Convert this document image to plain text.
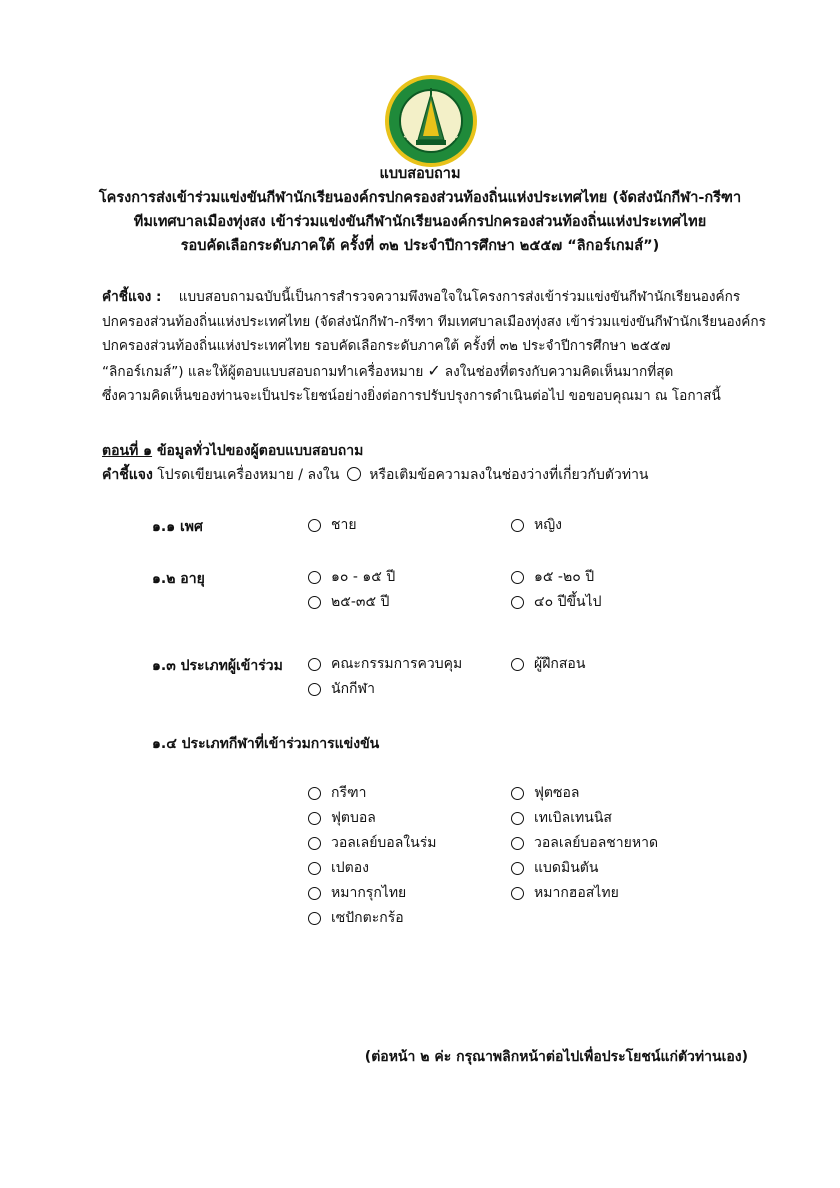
แบบสอบถาม
โครงการส่งเข้าร่วมแข่งขันกีฬานักเรียนองค์กรปกครองส่วนท้องถิ่นแห่งประเทศไทย (จัดส่งนักกีฬา-กรีฑา
ทีมเทศบาลเมืองทุ่งสง เข้าร่วมแข่งขันกีฬานักเรียนองค์กรปกครองส่วนท้องถิ่นแห่งประเทศไทย
รอบคัดเลือกระดับภาคใต้ ครั้งที่ ๓๒ ประจำปีการศึกษา ๒๕๕๗ “ลิกอร์เกมส์”)
คำชี้แจง : แบบสอบถามฉบับนี้เป็นการสำรวจความพึงพอใจในโครงการส่งเข้าร่วมแข่งขันกีฬานักเรียนองค์กร
ปกครองส่วนท้องถิ่นแห่งประเทศไทย (จัดส่งนักกีฬา-กรีฑา ทีมเทศบาลเมืองทุ่งสง เข้าร่วมแข่งขันกีฬานักเรียนองค์กร
ปกครองส่วนท้องถิ่นแห่งประเทศไทย รอบคัดเลือกระดับภาคใต้ ครั้งที่ ๓๒ ประจำปีการศึกษา ๒๕๕๗
“ลิกอร์เกมส์”) และให้ผู้ตอบแบบสอบถามทำเครื่องหมาย ✓ ลงในช่องที่ตรงกับความคิดเห็นมากที่สุด
ซึ่งความคิดเห็นของท่านจะเป็นประโยชน์อย่างยิ่งต่อการปรับปรุงการดำเนินต่อไป ขอขอบคุณมา ณ โอกาสนี้
ตอนที่ ๑ ข้อมูลทั่วไปของผู้ตอบแบบสอบถาม
คำชี้แจง โปรดเขียนเครื่องหมาย / ลงใน หรือเติมข้อความลงในช่องว่างที่เกี่ยวกับตัวท่าน
๑.๑ เพศ	ชาย	หญิง
๑.๒ อายุ	๑๐ - ๑๕ ปี	๑๕ -๒๐ ปี
๒๕-๓๕ ปี	๔๐ ปีขึ้นไป
๑.๓ ประเภทผู้เข้าร่วม	คณะกรรมการควบคุม	ผู้ฝึกสอน
นักกีฬา
๑.๔ ประเภทกีฬาที่เข้าร่วมการแข่งขัน
กรีฑา	ฟุตซอล
ฟุตบอล	เทเบิลเทนนิส
วอลเลย์บอลในร่ม	วอลเลย์บอลชายหาด
เปตอง	แบดมินตัน
หมากรุกไทย	หมากฮอสไทย
เซปักตะกร้อ
(ต่อหน้า ๒ ค่ะ กรุณาพลิกหน้าต่อไปเพื่อประโยชน์แก่ตัวท่านเอง)
